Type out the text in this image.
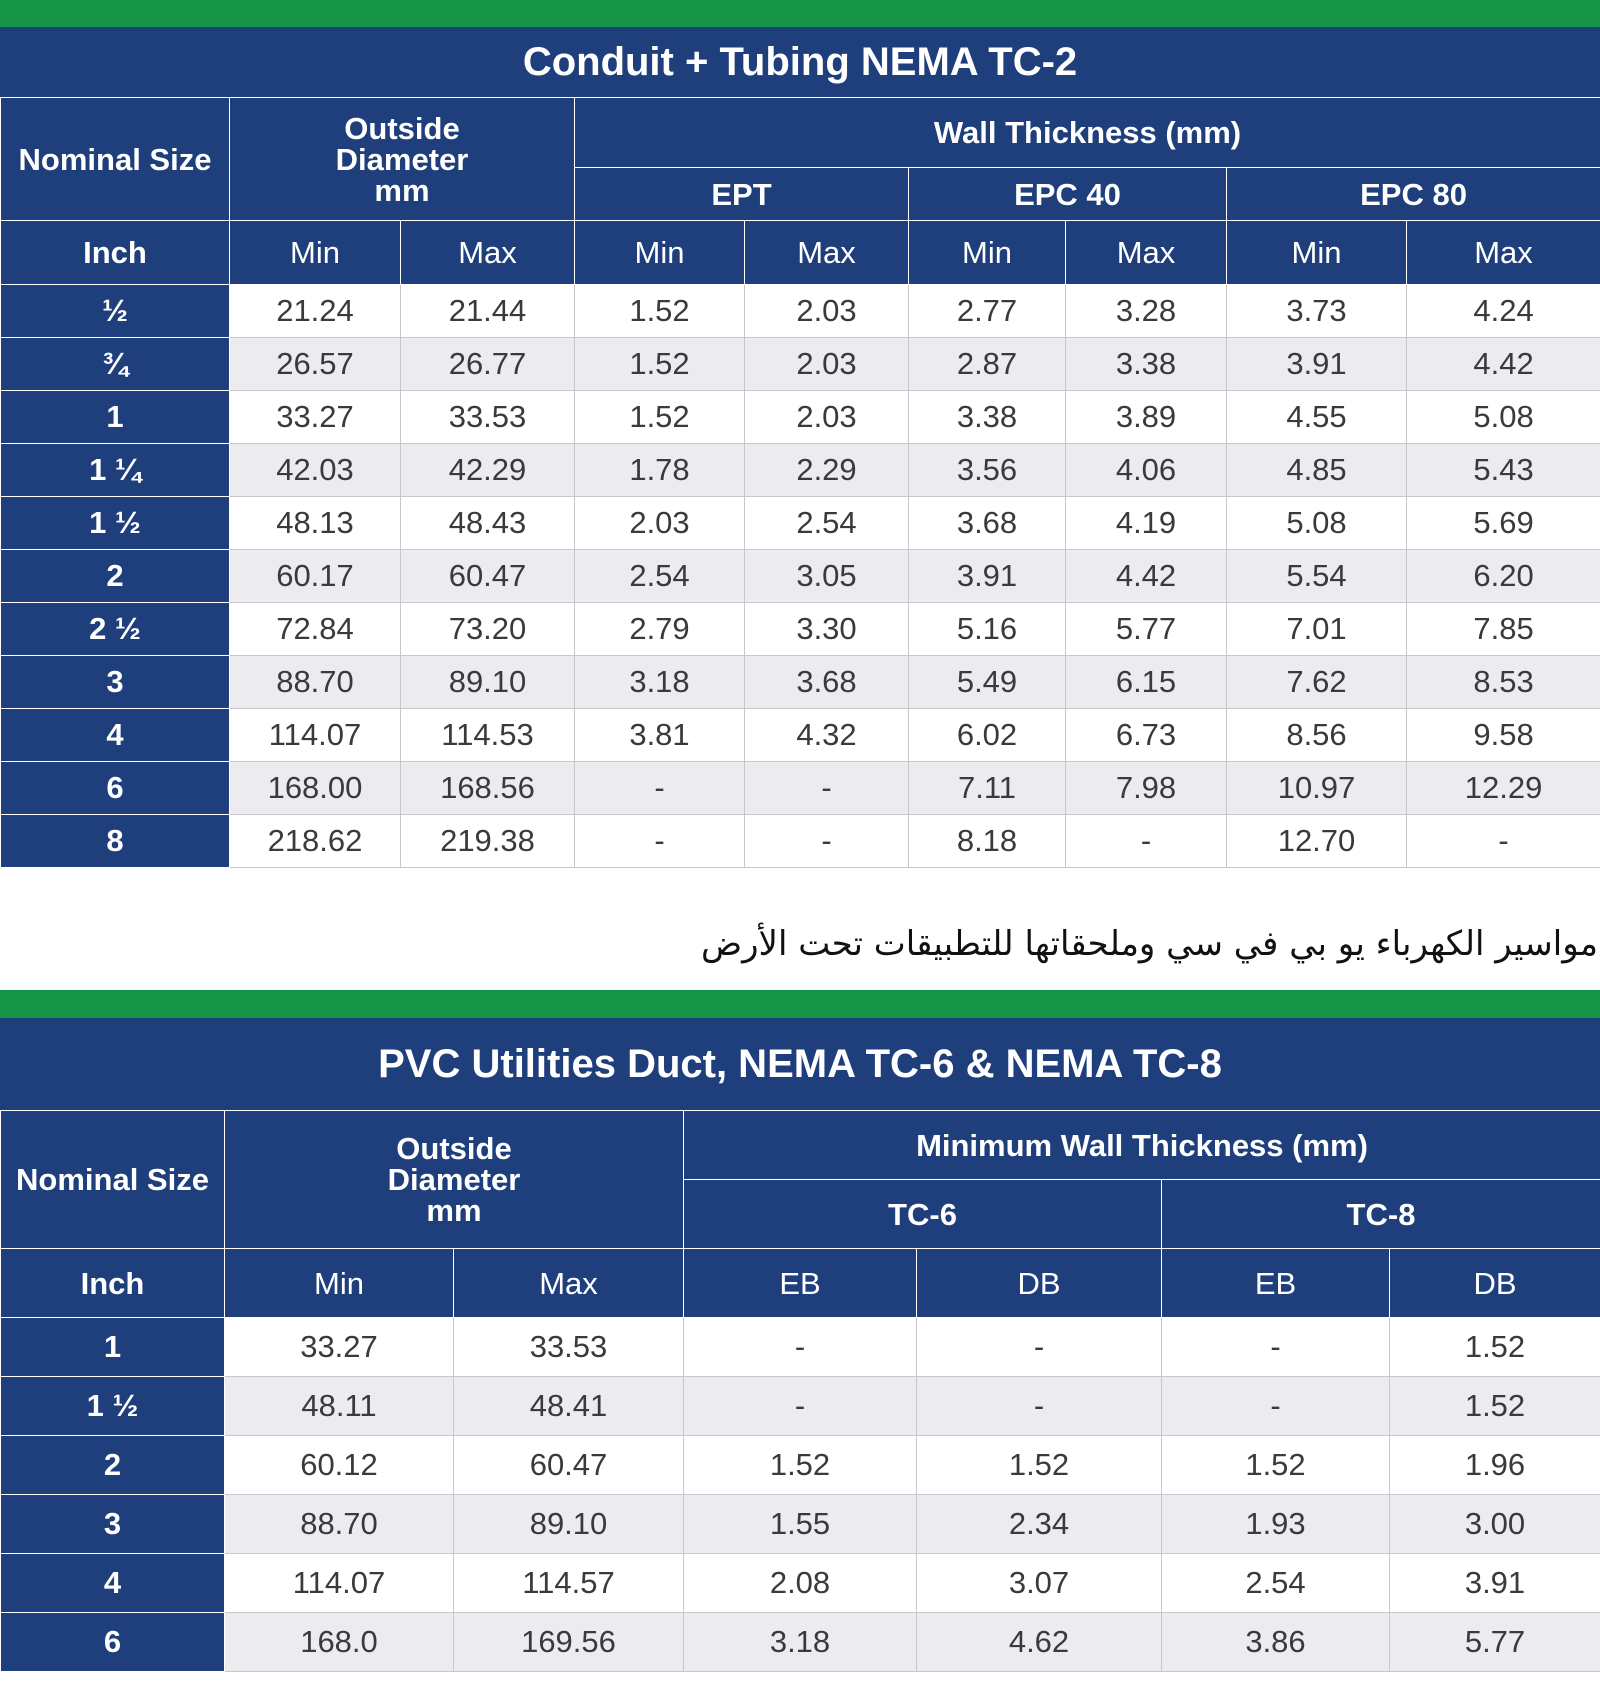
Conduit + Tubing NEMA TC-2
Nominal Size	Outside
Diameter
mm		Wall Thickness (mm)					
			EPT		EPC 40		EPC 80	
Inch	Min	Max	Min	Max	Min	Max	Min	Max
½	21.24	21.44	1.52	2.03	2.77	3.28	3.73	4.24
¾	26.57	26.77	1.52	2.03	2.87	3.38	3.91	4.42
1	33.27	33.53	1.52	2.03	3.38	3.89	4.55	5.08
1 ¼	42.03	42.29	1.78	2.29	3.56	4.06	4.85	5.43
1 ½	48.13	48.43	2.03	2.54	3.68	4.19	5.08	5.69
2	60.17	60.47	2.54	3.05	3.91	4.42	5.54	6.20
2 ½	72.84	73.20	2.79	3.30	5.16	5.77	7.01	7.85
3	88.70	89.10	3.18	3.68	5.49	6.15	7.62	8.53
4	114.07	114.53	3.81	4.32	6.02	6.73	8.56	9.58
6	168.00	168.56	-	-	7.11	7.98	10.97	12.29
8	218.62	219.38	-	-	8.18	-	12.70	-
مواسير الكهرباء يو بي في سي وملحقاتها للتطبيقات تحت الأرض
PVC Utilities Duct, NEMA TC-6 & NEMA TC-8
Nominal Size	Outside
Diameter
mm		Minimum Wall Thickness (mm)			
			TC-6		TC-8	
Inch	Min	Max	EB	DB	EB	DB
1	33.27	33.53	-	-	-	1.52
1 ½	48.11	48.41	-	-	-	1.52
2	60.12	60.47	1.52	1.52	1.52	1.96
3	88.70	89.10	1.55	2.34	1.93	3.00
4	114.07	114.57	2.08	3.07	2.54	3.91
6	168.0	169.56	3.18	4.62	3.86	5.77
